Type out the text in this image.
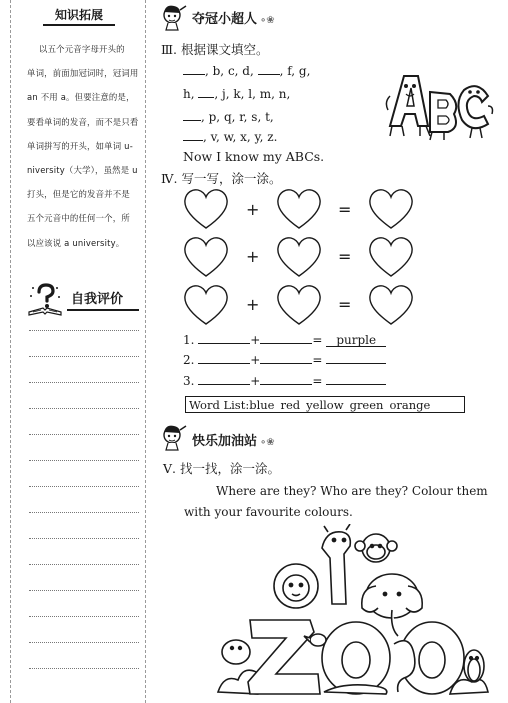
知识拓展
以五个元音字母开头的
单词，前面加冠词时，冠词用
an 不用 a。但要注意的是，
要看单词的发音，而不是只看
单词拼写的开头，如单词 u-
niversity（大学），虽然是 u
打头，但是它的发音并不是
五个元音中的任何一个，所
以应该说 a university。
自我评价
夺冠小超人 ∘❀
Ⅲ. 根据课文填空。
, b, c, d, , f, g,
h, , j, k, l, m, n,
, p, q, r, s, t,
, v, w, x, y, z.
Now I know my ABCs.
Ⅳ. 写一写，涂一涂。
+	=
+	=
+	=
1.	+	= purple
2.	+	=
3.	+	=
Word List:blue red yellow green orange
快乐加油站 ∘❀
Ⅴ. 找一找，涂一涂。
Where are they? Who are they? Colour them
with your favourite colours.
